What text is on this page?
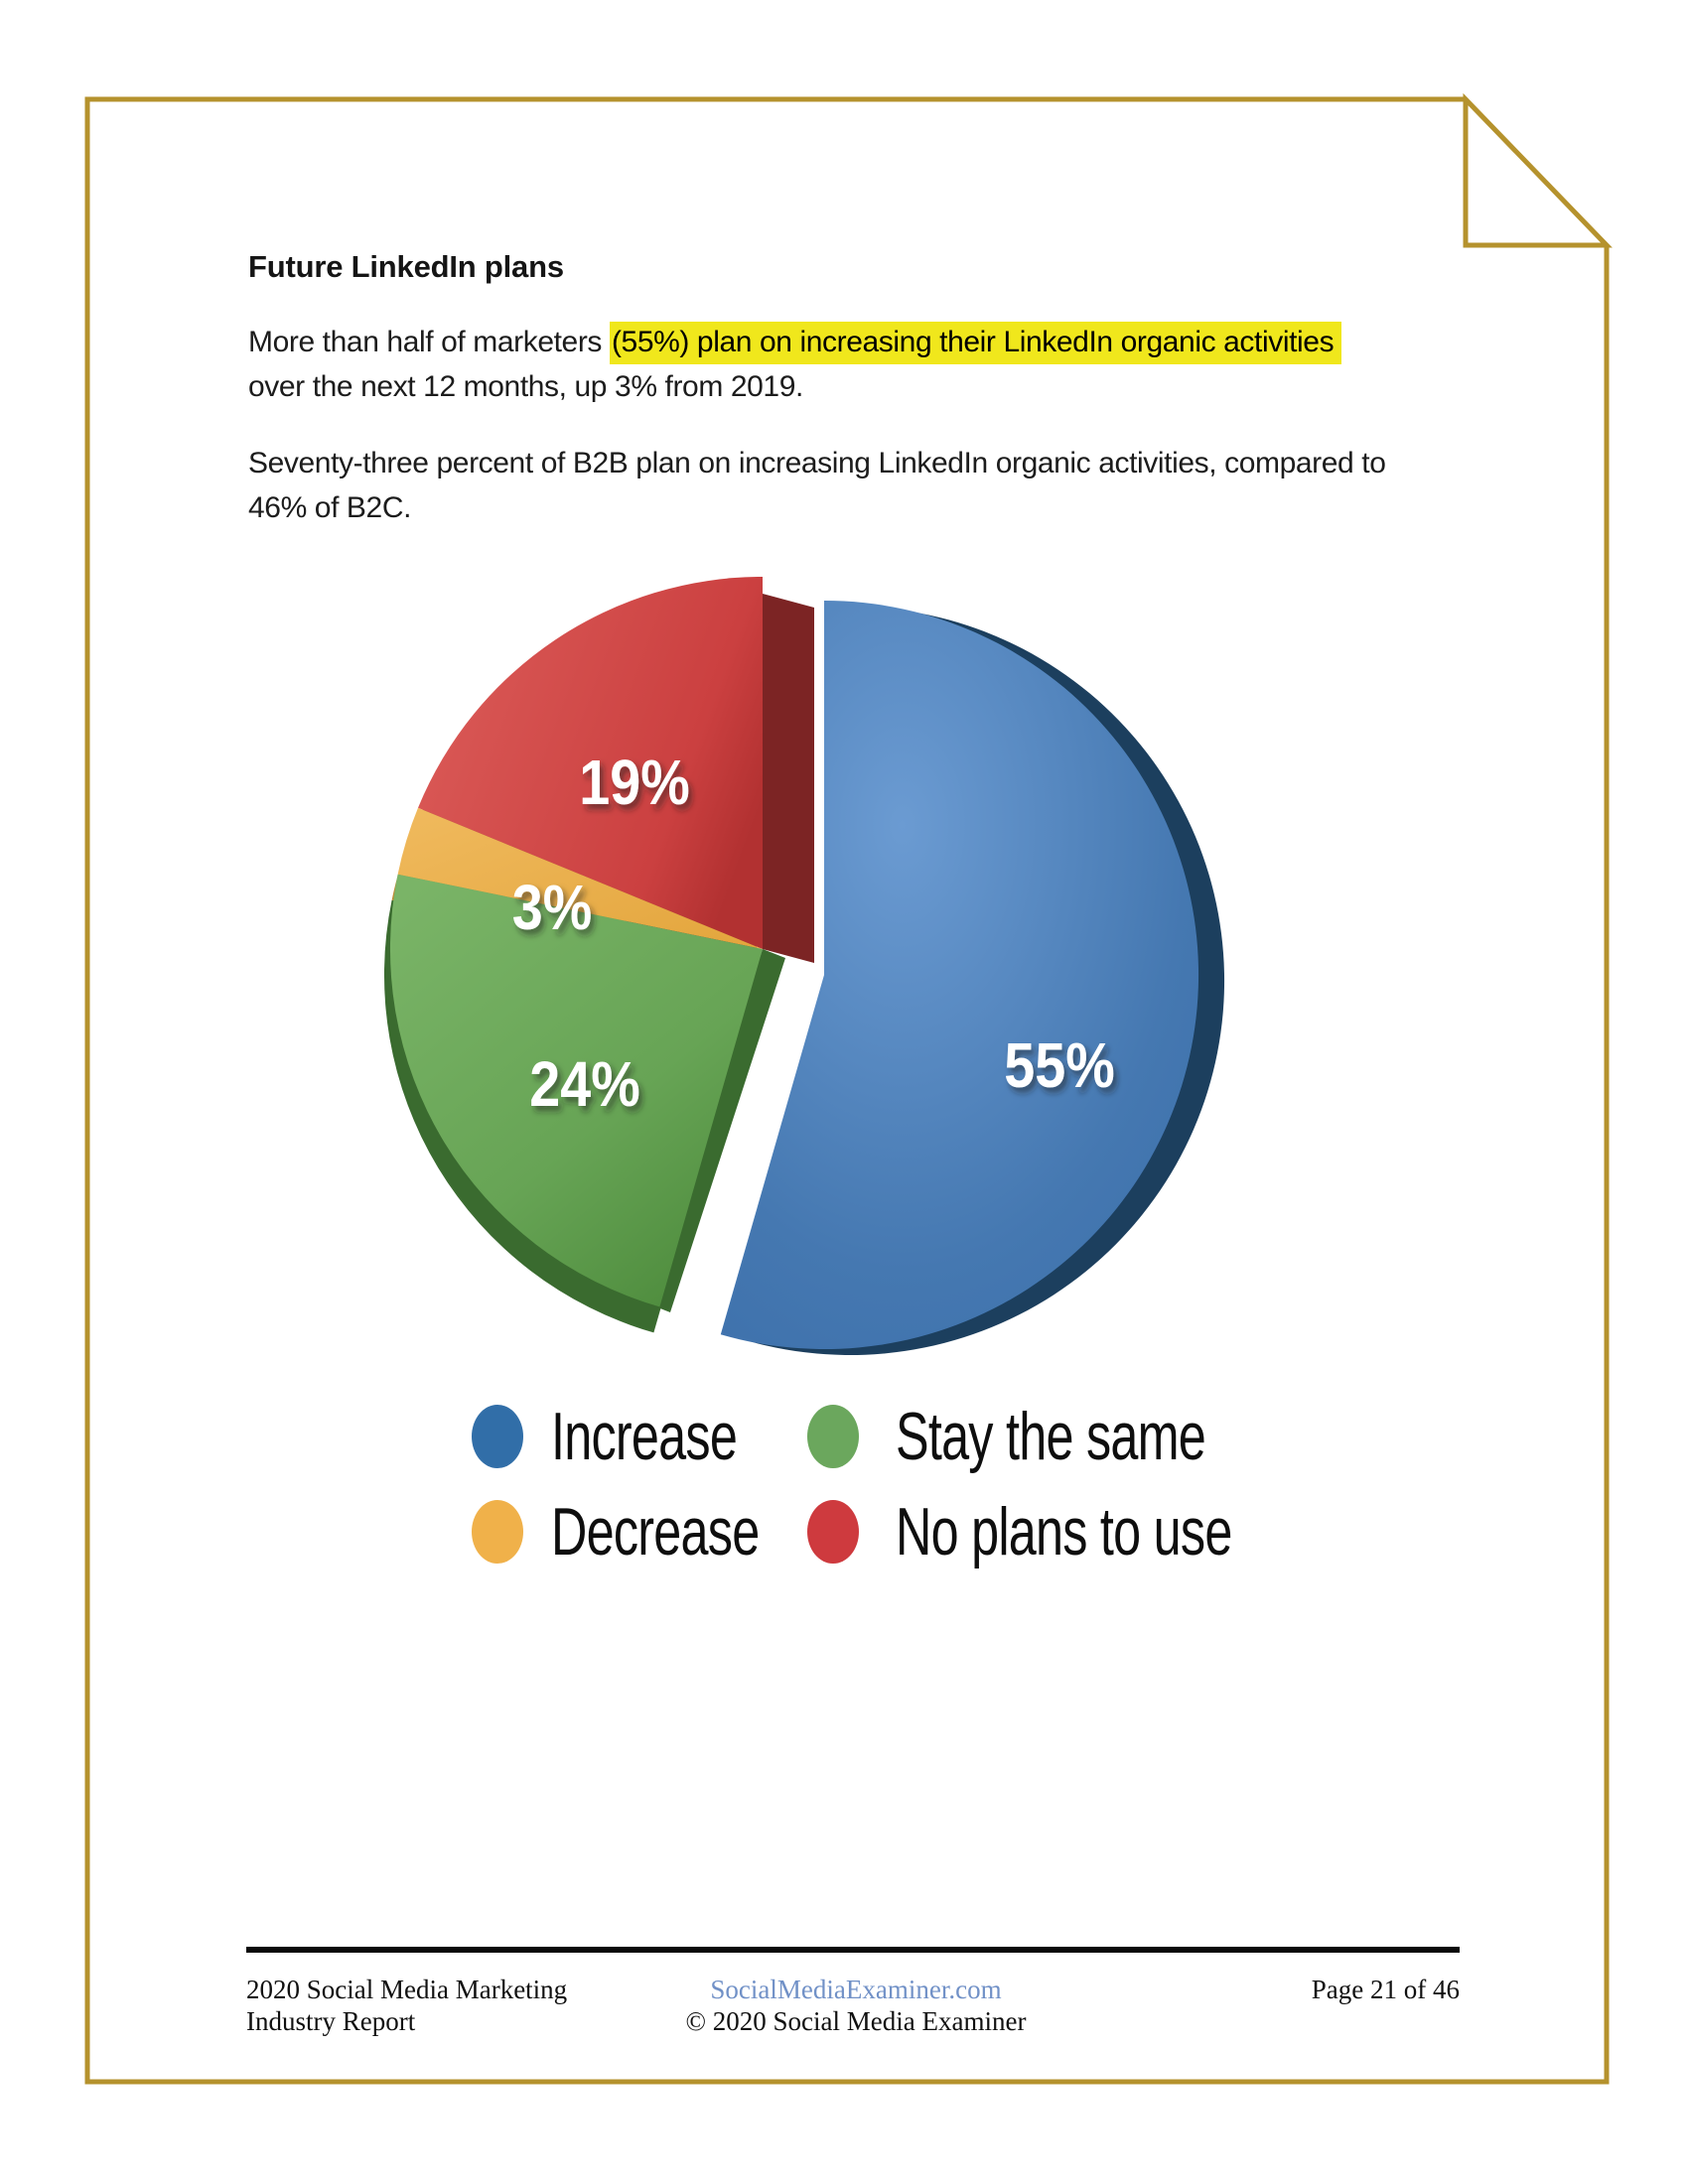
Future LinkedIn plans

More than half of marketers (55%) plan on increasing their LinkedIn organic activities
over the next 12 months, up 3% from 2019.

Seventy-three percent of B2B plan on increasing LinkedIn organic activities, compared to
46% of B2C.

55%
24%
3%
19%
Increase Stay the same
Decrease No plans to use
2020 Social Media Marketing
Industry Report
SocialMediaExaminer.com
© 2020 Social Media Examiner
Page 21 of 46
